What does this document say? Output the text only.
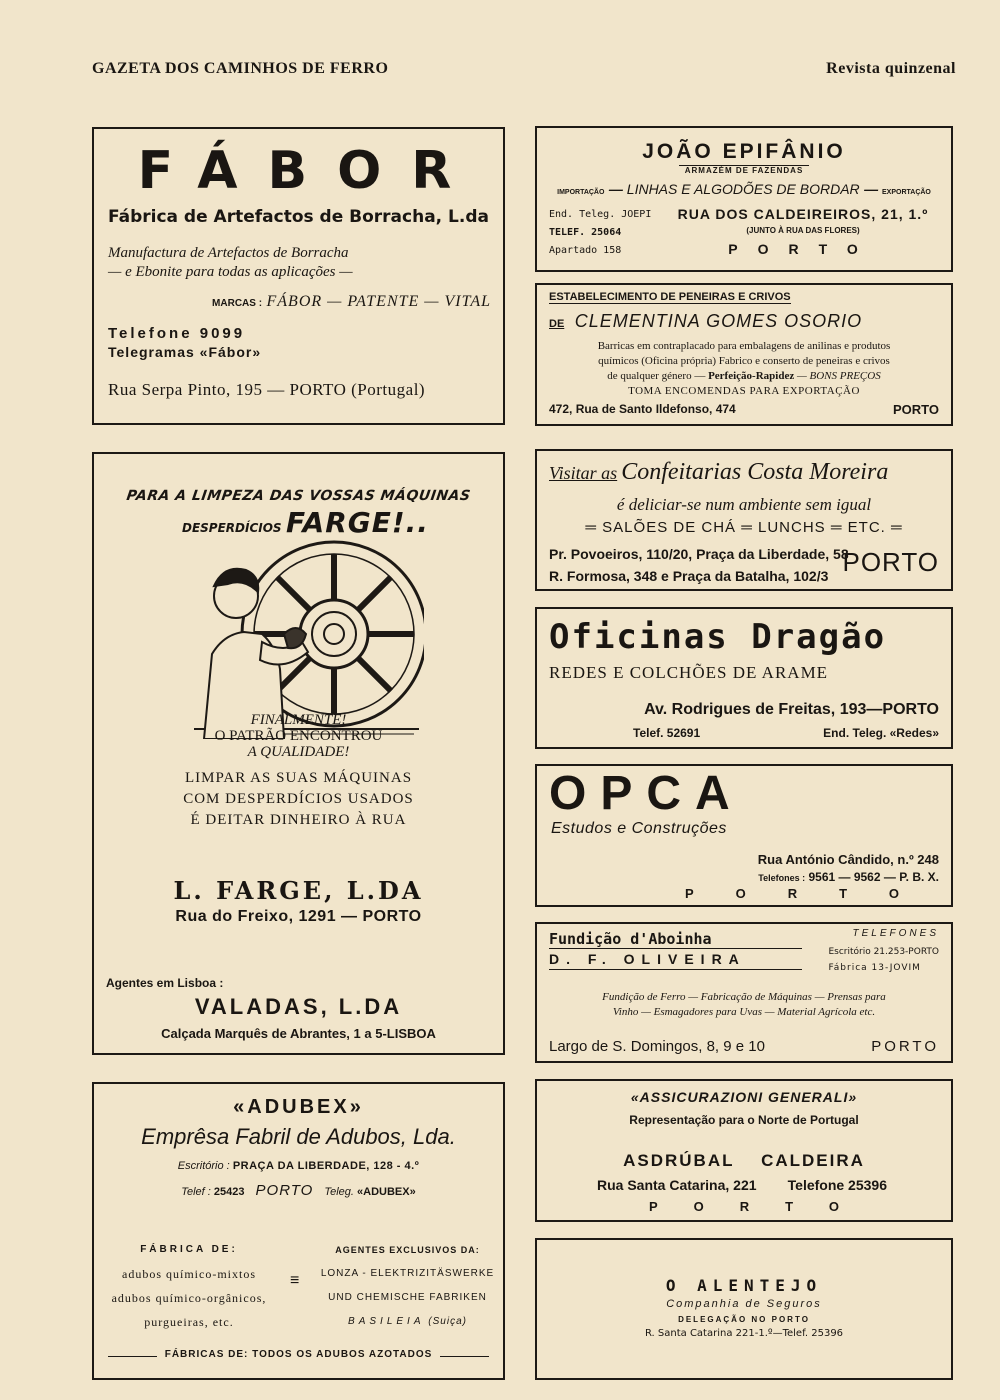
GAZETA DOS CAMINHOS DE FERRO	Revista quinzenal
FÁBOR
Fábrica de Artefactos de Borracha, L.da
Manufactura de Artefactos de Borracha
— e Ebonite para todas as aplicações —
MARCAS : FÁBOR — PATENTE — VITAL
Telefone 9099
Telegramas «Fábor»
Rua Serpa Pinto, 195 — PORTO (Portugal)
PARA A LIMPEZA DAS VOSSAS MÁQUINAS
DESPERDÍCIOS FARGE!..
FINALMENTE!
O PATRÃO ENCONTROU
A QUALIDADE!
LIMPAR AS SUAS MÁQUINAS
COM DESPERDÍCIOS USADOS
É DEITAR DINHEIRO À RUA
L. FARGE, L.DA
Rua do Freixo, 1291 — PORTO
Agentes em Lisboa :
VALADAS, L.DA
Calçada Marquês de Abrantes, 1 a 5-LISBOA
«ADUBEX»
Emprêsa Fabril de Adubos, Lda.
Escritório : PRAÇA DA LIBERDADE, 128 - 4.º
Telef : 25423 PORTO Teleg. «ADUBEX»
FÁBRICA DE:
adubos químico-mixtos
adubos químico-orgânicos,
purgueiras, etc.
≡
AGENTES EXCLUSIVOS DA:
LONZA - ELEKTRIZITÄSWERKE
UND CHEMISCHE FABRIKEN
BASILEIA (Suiça)
FÁBRICAS DE: TODOS OS ADUBOS AZOTADOS
JOÃO EPIFÂNIO
ARMAZÉM DE FAZENDAS
IMPORTAÇÃO — LINHAS E ALGODÕES DE BORDAR — EXPORTAÇÃO
End. Teleg. JOEPI
TELEF. 25064
Apartado 158
RUA DOS CALDEIREIROS, 21, 1.º
(JUNTO À RUA DAS FLORES)
PORTO
ESTABELECIMENTO DE PENEIRAS E CRIVOS
DE CLEMENTINA GOMES OSORIO
Barricas em contraplacado para embalagens de anilinas e produtos
químicos (Oficina própria) Fabrico e conserto de peneiras e crivos
de qualquer género — Perfeição-Rapidez — BONS PREÇOS
TOMA ENCOMENDAS PARA EXPORTAÇÃO
472, Rua de Santo Ildefonso, 474	PORTO
Visitar as Confeitarias Costa Moreira
é deliciar-se num ambiente sem igual
═ SALÕES DE CHÁ ═ LUNCHS ═ ETC. ═
Pr. Povoeiros, 110/20, Praça da Liberdade, 58
R. Formosa, 348 e Praça da Batalha, 102/3 PORTO
Oficinas Dragão
REDES E COLCHÕES DE ARAME
Av. Rodrigues de Freitas, 193—PORTO
Telef. 52691	End. Teleg. «Redes»
OPCA
Estudos e Construções
Rua António Cândido, n.º 248
Telefones : 9561 — 9562 — P. B. X.
PORTO
Fundição d'Aboinha
D. F. OLIVEIRA
TELEFONES
Escritório 21.253-PORTO
Fábrica 13-JOVIM
Fundição de Ferro — Fabricação de Máquinas — Prensas para
Vinho — Esmagadores para Uvas — Material Agrícola etc.
Largo de S. Domingos, 8, 9 e 10	PORTO
«ASSICURAZIONI GENERALI»
Representação para o Norte de Portugal
ASDRÚBAL    CALDEIRA
Rua Santa Catarina, 221 Telefone 25396
PORTO
O ALENTEJO
Companhia de Seguros
DELEGAÇÃO NO PORTO
R. Santa Catarina 221-1.º—Telef. 25396
